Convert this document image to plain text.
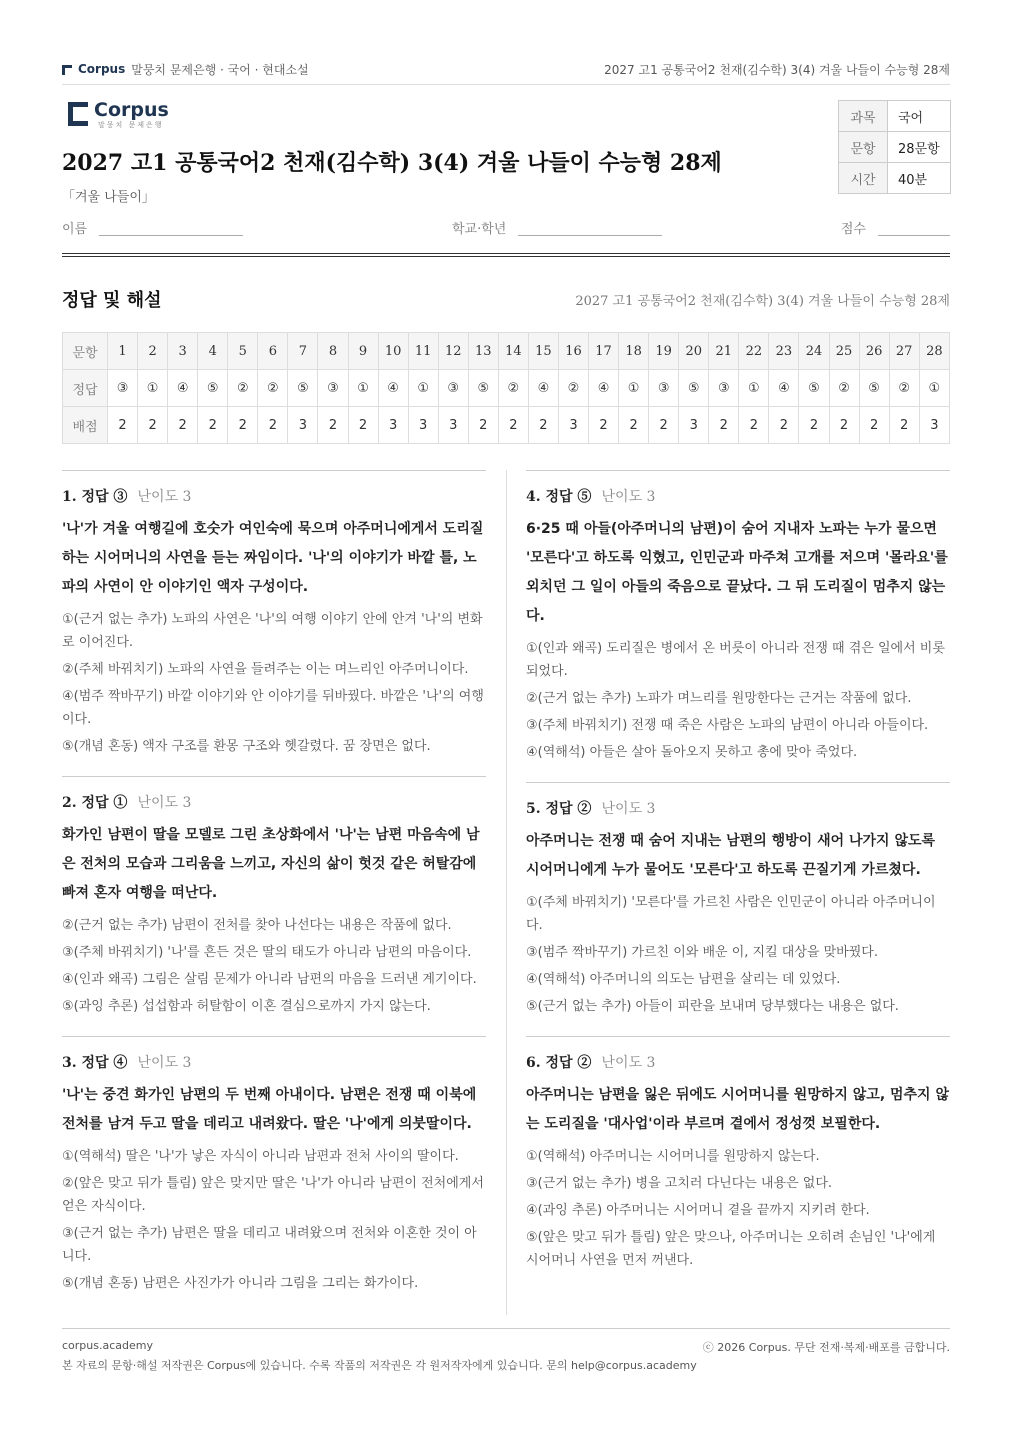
Corpus 말뭉치 문제은행 · 국어 · 현대소설	2027 고1 공통국어2 천재(김수학) 3(4) 겨울 나들이 수능형 28제
Corpus
말뭉치 문제은행
2027 고1 공통국어2 천재(김수학) 3(4) 겨울 나들이 수능형 28제
「겨울 나들이」
과목	국어
문항	28문항
시간	40분
이름	학교·학년	점수
정답 및 해설	2027 고1 공통국어2 천재(김수학) 3(4) 겨울 나들이 수능형 28제
문항	1	2	3	4	5	6	7	8	9	10	11	12	13	14	15	16	17	18	19	20	21	22	23	24	25	26	27	28
정답	③	①	④	⑤	②	②	⑤	③	①	④	①	③	⑤	②	④	②	④	①	③	⑤	③	①	④	⑤	②	⑤	②	①
배점	2	2	2	2	2	2	3	2	2	3	3	3	2	2	2	3	2	2	2	3	2	2	2	2	2	2	2	3
1. 정답 ③ 난이도 3
'나'가 겨울 여행길에 호숫가 여인숙에 묵으며 아주머니에게서 도리질하는 시어머니의 사연을 듣는 짜임이다. '나'의 이야기가 바깥 틀, 노파의 사연이 안 이야기인 액자 구성이다.
①(근거 없는 추가) 노파의 사연은 '나'의 여행 이야기 안에 안겨 '나'의 변화로 이어진다.
②(주체 바꿔치기) 노파의 사연을 들려주는 이는 며느리인 아주머니이다.
④(범주 짝바꾸기) 바깥 이야기와 안 이야기를 뒤바꿨다. 바깥은 '나'의 여행이다.
⑤(개념 혼동) 액자 구조를 환몽 구조와 헷갈렸다. 꿈 장면은 없다.
2. 정답 ① 난이도 3
화가인 남편이 딸을 모델로 그린 초상화에서 '나'는 남편 마음속에 남은 전처의 모습과 그리움을 느끼고, 자신의 삶이 헛것 같은 허탈감에 빠져 혼자 여행을 떠난다.
②(근거 없는 추가) 남편이 전처를 찾아 나선다는 내용은 작품에 없다.
③(주체 바꿔치기) '나'를 흔든 것은 딸의 태도가 아니라 남편의 마음이다.
④(인과 왜곡) 그림은 살림 문제가 아니라 남편의 마음을 드러낸 계기이다.
⑤(과잉 추론) 섭섭함과 허탈함이 이혼 결심으로까지 가지 않는다.
3. 정답 ④ 난이도 3
'나'는 중견 화가인 남편의 두 번째 아내이다. 남편은 전쟁 때 이북에 전처를 남겨 두고 딸을 데리고 내려왔다. 딸은 '나'에게 의붓딸이다.
①(역해석) 딸은 '나'가 낳은 자식이 아니라 남편과 전처 사이의 딸이다.
②(앞은 맞고 뒤가 틀림) 앞은 맞지만 딸은 '나'가 아니라 남편이 전처에게서 얻은 자식이다.
③(근거 없는 추가) 남편은 딸을 데리고 내려왔으며 전처와 이혼한 것이 아니다.
⑤(개념 혼동) 남편은 사진가가 아니라 그림을 그리는 화가이다.
4. 정답 ⑤ 난이도 3
6·25 때 아들(아주머니의 남편)이 숨어 지내자 노파는 누가 물으면 '모른다'고 하도록 익혔고, 인민군과 마주쳐 고개를 저으며 '몰라요'를 외치던 그 일이 아들의 죽음으로 끝났다. 그 뒤 도리질이 멈추지 않는다.
①(인과 왜곡) 도리질은 병에서 온 버릇이 아니라 전쟁 때 겪은 일에서 비롯되었다.
②(근거 없는 추가) 노파가 며느리를 원망한다는 근거는 작품에 없다.
③(주체 바꿔치기) 전쟁 때 죽은 사람은 노파의 남편이 아니라 아들이다.
④(역해석) 아들은 살아 돌아오지 못하고 총에 맞아 죽었다.
5. 정답 ② 난이도 3
아주머니는 전쟁 때 숨어 지내는 남편의 행방이 새어 나가지 않도록 시어머니에게 누가 물어도 '모른다'고 하도록 끈질기게 가르쳤다.
①(주체 바꿔치기) '모른다'를 가르친 사람은 인민군이 아니라 아주머니이다.
③(범주 짝바꾸기) 가르친 이와 배운 이, 지킬 대상을 맞바꿨다.
④(역해석) 아주머니의 의도는 남편을 살리는 데 있었다.
⑤(근거 없는 추가) 아들이 피란을 보내며 당부했다는 내용은 없다.
6. 정답 ② 난이도 3
아주머니는 남편을 잃은 뒤에도 시어머니를 원망하지 않고, 멈추지 않는 도리질을 '대사업'이라 부르며 곁에서 정성껏 보필한다.
①(역해석) 아주머니는 시어머니를 원망하지 않는다.
③(근거 없는 추가) 병을 고치러 다닌다는 내용은 없다.
④(과잉 추론) 아주머니는 시어머니 곁을 끝까지 지키려 한다.
⑤(앞은 맞고 뒤가 틀림) 앞은 맞으나, 아주머니는 오히려 손님인 '나'에게 시어머니 사연을 먼저 꺼낸다.
corpus.academy	ⓒ 2026 Corpus. 무단 전재·복제·배포를 금합니다.
본 자료의 문항·해설 저작권은 Corpus에 있습니다. 수록 작품의 저작권은 각 원저작자에게 있습니다. 문의 help@corpus.academy
